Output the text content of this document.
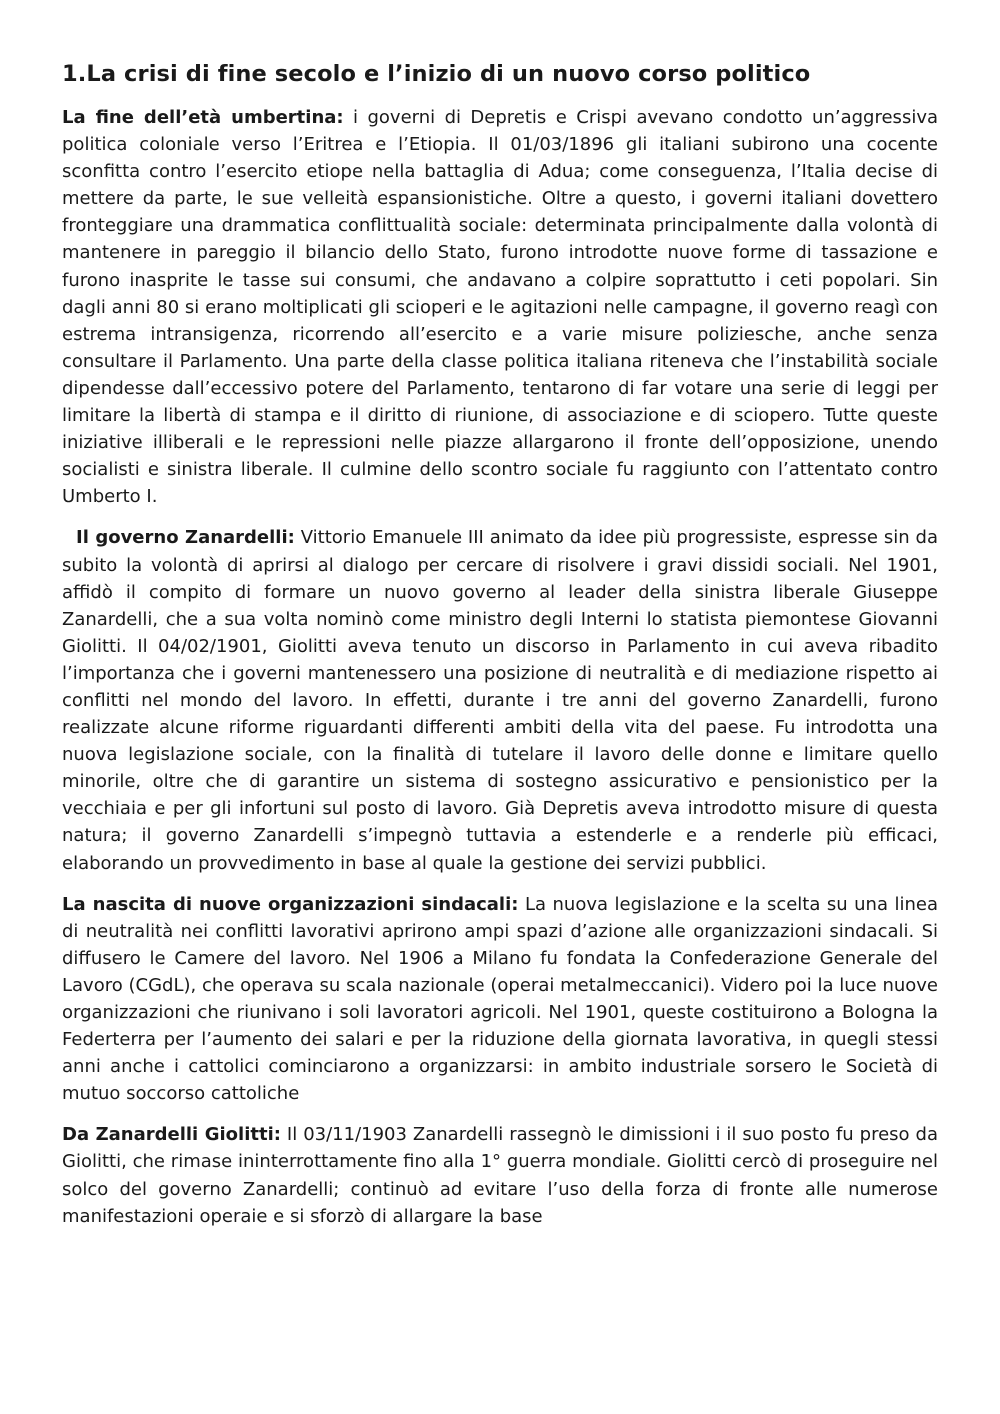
1.La crisi di fine secolo e l’inizio di un nuovo corso politico

La fine dell’età umbertina: i governi di Depretis e Crispi avevano condotto un’aggressiva politica coloniale verso l’Eritrea e l’Etiopia. Il 01/03/1896 gli italiani subirono una cocente sconfitta contro l’esercito etiope nella battaglia di Adua; come conseguenza, l’Italia decise di mettere da parte, le sue velleità espansionistiche. Oltre a questo, i governi italiani dovettero fronteggiare una drammatica conflittualità sociale: determinata principalmente dalla volontà di mantenere in pareggio il bilancio dello Stato, furono introdotte nuove forme di tassazione e furono inasprite le tasse sui consumi, che andavano a colpire soprattutto i ceti popolari. Sin dagli anni 80 si erano moltiplicati gli scioperi e le agitazioni nelle campagne, il governo reagì con estrema intransigenza, ricorrendo all’esercito e a varie misure poliziesche, anche senza consultare il Parlamento. Una parte della classe politica italiana riteneva che l’instabilità sociale dipendesse dall’eccessivo potere del Parlamento, tentarono di far votare una serie di leggi per limitare la libertà di stampa e il diritto di riunione, di associazione e di sciopero. Tutte queste iniziative illiberali e le repressioni nelle piazze allargarono il fronte dell’opposizione, unendo socialisti e sinistra liberale. Il culmine dello scontro sociale fu raggiunto con l’attentato contro Umberto I.

Il governo Zanardelli: Vittorio Emanuele III animato da idee più progressiste, espresse sin da subito la volontà di aprirsi al dialogo per cercare di risolvere i gravi dissidi sociali. Nel 1901, affidò il compito di formare un nuovo governo al leader della sinistra liberale Giuseppe Zanardelli, che a sua volta nominò come ministro degli Interni lo statista piemontese Giovanni Giolitti. Il 04/02/1901, Giolitti aveva tenuto un discorso in Parlamento in cui aveva ribadito l’importanza che i governi mantenessero una posizione di neutralità e di mediazione rispetto ai conflitti nel mondo del lavoro. In effetti, durante i tre anni del governo Zanardelli, furono realizzate alcune riforme riguardanti differenti ambiti della vita del paese. Fu introdotta una nuova legislazione sociale, con la finalità di tutelare il lavoro delle donne e limitare quello minorile, oltre che di garantire un sistema di sostegno assicurativo e pensionistico per la vecchiaia e per gli infortuni sul posto di lavoro. Già Depretis aveva introdotto misure di questa natura; il governo Zanardelli s’impegnò tuttavia a estenderle e a renderle più efficaci, elaborando un provvedimento in base al quale la gestione dei servizi pubblici.

La nascita di nuove organizzazioni sindacali: La nuova legislazione e la scelta su una linea di neutralità nei conflitti lavorativi aprirono ampi spazi d’azione alle organizzazioni sindacali. Si diffusero le Camere del lavoro. Nel 1906 a Milano fu fondata la Confederazione Generale del Lavoro (CGdL), che operava su scala nazionale (operai metalmeccanici). Videro poi la luce nuove organizzazioni che riunivano i soli lavoratori agricoli. Nel 1901, queste costituirono a Bologna la Federterra per l’aumento dei salari e per la riduzione della giornata lavorativa, in quegli stessi anni anche i cattolici cominciarono a organizzarsi: in ambito industriale sorsero le Società di mutuo soccorso cattoliche

Da Zanardelli Giolitti: Il 03/11/1903 Zanardelli rassegnò le dimissioni i il suo posto fu preso da Giolitti, che rimase ininterrottamente fino alla 1° guerra mondiale. Giolitti cercò di proseguire nel solco del governo Zanardelli; continuò ad evitare l’uso della forza di fronte alle numerose manifestazioni operaie e si sforzò di allargare la base
